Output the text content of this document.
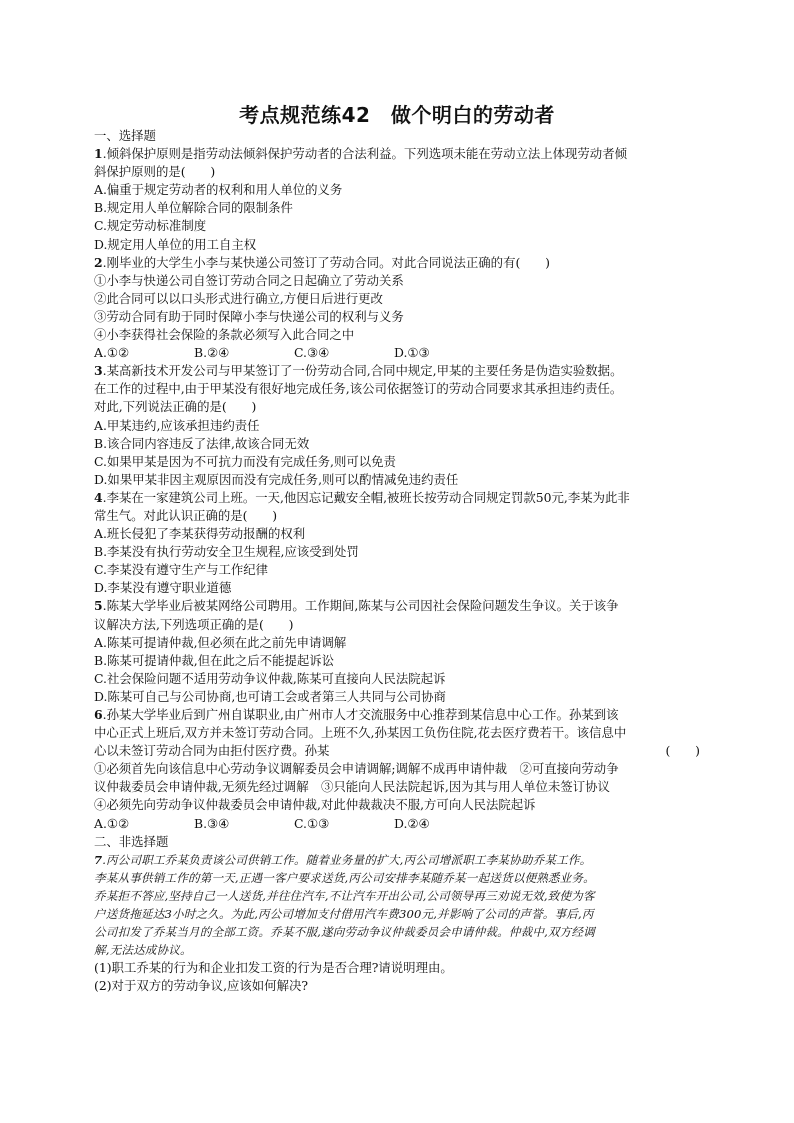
考点规范练42　做个明白的劳动者
一、选择题
1.倾斜保护原则是指劳动法倾斜保护劳动者的合法利益。下列选项未能在劳动立法上体现劳动者倾
斜保护原则的是(　　)
A.偏重于规定劳动者的权利和用人单位的义务
B.规定用人单位解除合同的限制条件
C.规定劳动标准制度
D.规定用人单位的用工自主权
2.刚毕业的大学生小李与某快递公司签订了劳动合同。对此合同说法正确的有(　　)
①小李与快递公司自签订劳动合同之日起确立了劳动关系
②此合同可以以口头形式进行确立,方便日后进行更改
③劳动合同有助于同时保障小李与快递公司的权利与义务
④小李获得社会保险的条款必须写入此合同之中
A.①②	B.②④	C.③④	D.①③
3.某高新技术开发公司与甲某签订了一份劳动合同,合同中规定,甲某的主要任务是伪造实验数据。
在工作的过程中,由于甲某没有很好地完成任务,该公司依据签订的劳动合同要求其承担违约责任。
对此,下列说法正确的是(　　)
A.甲某违约,应该承担违约责任
B.该合同内容违反了法律,故该合同无效
C.如果甲某是因为不可抗力而没有完成任务,则可以免责
D.如果甲某非因主观原因而没有完成任务,则可以酌情减免违约责任
4.李某在一家建筑公司上班。一天,他因忘记戴安全帽,被班长按劳动合同规定罚款50元,李某为此非
常生气。对此认识正确的是(　　)
A.班长侵犯了李某获得劳动报酬的权利
B.李某没有执行劳动安全卫生规程,应该受到处罚
C.李某没有遵守生产与工作纪律
D.李某没有遵守职业道德
5.陈某大学毕业后被某网络公司聘用。工作期间,陈某与公司因社会保险问题发生争议。关于该争
议解决方法,下列选项正确的是(　　)
A.陈某可提请仲裁,但必须在此之前先申请调解
B.陈某可提请仲裁,但在此之后不能提起诉讼
C.社会保险问题不适用劳动争议仲裁,陈某可直接向人民法院起诉
D.陈某可自己与公司协商,也可请工会或者第三人共同与公司协商
6.孙某大学毕业后到广州自谋职业,由广州市人才交流服务中心推荐到某信息中心工作。孙某到该
中心正式上班后,双方并未签订劳动合同。上班不久,孙某因工负伤住院,花去医疗费若干。该信息中
心以未签订劳动合同为由拒付医疗费。孙某	(　　)
①必须首先向该信息中心劳动争议调解委员会申请调解;调解不成再申请仲裁　②可直接向劳动争
议仲裁委员会申请仲裁,无须先经过调解　③只能向人民法院起诉,因为其与用人单位未签订协议
④必须先向劳动争议仲裁委员会申请仲裁,对此仲裁裁决不服,方可向人民法院起诉
A.①②	B.③④	C.①③	D.②④
二、非选择题
7.丙公司职工乔某负责该公司供销工作。随着业务量的扩大,丙公司增派职工李某协助乔某工作。
李某从事供销工作的第一天,正遇一客户要求送货,丙公司安排李某随乔某一起送货以便熟悉业务。
乔某拒不答应,坚持自己一人送货,并往住汽车,不让汽车开出公司,公司领导再三劝说无效,致使为客
户送货拖延达3小时之久。为此,丙公司增加支付借用汽车费300元,并影响了公司的声誉。事后,丙
公司扣发了乔某当月的全部工资。乔某不服,遂向劳动争议仲裁委员会申请仲裁。仲裁中,双方经调
解,无法达成协议。
(1)职工乔某的行为和企业扣发工资的行为是否合理?请说明理由。
(2)对于双方的劳动争议,应该如何解决?
